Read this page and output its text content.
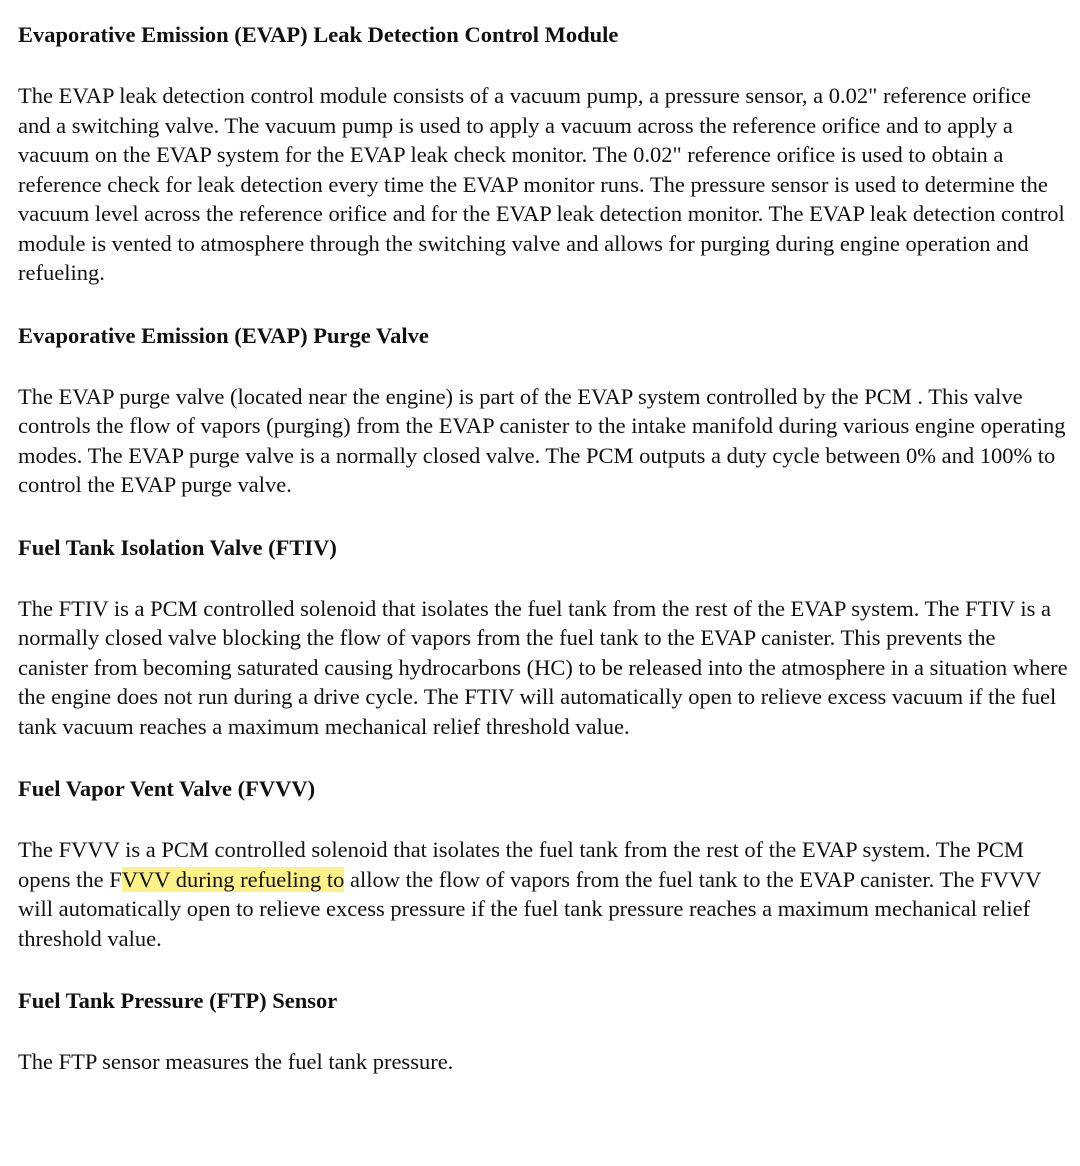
Evaporative Emission (EVAP) Leak Detection Control Module
The EVAP leak detection control module consists of a vacuum pump, a pressure sensor, a 0.02" reference orifice and a switching valve. The vacuum pump is used to apply a vacuum across the reference orifice and to apply a vacuum on the EVAP system for the EVAP leak check monitor. The 0.02" reference orifice is used to obtain a reference check for leak detection every time the EVAP monitor runs. The pressure sensor is used to determine the vacuum level across the reference orifice and for the EVAP leak detection monitor. The EVAP leak detection control module is vented to atmosphere through the switching valve and allows for purging during engine operation and refueling.
Evaporative Emission (EVAP) Purge Valve
The EVAP purge valve (located near the engine) is part of the EVAP system controlled by the PCM . This valve controls the flow of vapors (purging) from the EVAP canister to the intake manifold during various engine operating modes. The EVAP purge valve is a normally closed valve. The PCM outputs a duty cycle between 0% and 100% to control the EVAP purge valve.
Fuel Tank Isolation Valve (FTIV)
The FTIV is a PCM controlled solenoid that isolates the fuel tank from the rest of the EVAP system. The FTIV is a normally closed valve blocking the flow of vapors from the fuel tank to the EVAP canister. This prevents the canister from becoming saturated causing hydrocarbons (HC) to be released into the atmosphere in a situation where the engine does not run during a drive cycle. The FTIV will automatically open to relieve excess vacuum if the fuel tank vacuum reaches a maximum mechanical relief threshold value.
Fuel Vapor Vent Valve (FVVV)
The FVVV is a PCM controlled solenoid that isolates the fuel tank from the rest of the EVAP system. The PCM opens the FVVV during refueling to allow the flow of vapors from the fuel tank to the EVAP canister. The FVVV will automatically open to relieve excess pressure if the fuel tank pressure reaches a maximum mechanical relief threshold value.
Fuel Tank Pressure (FTP) Sensor
The FTP sensor measures the fuel tank pressure.
